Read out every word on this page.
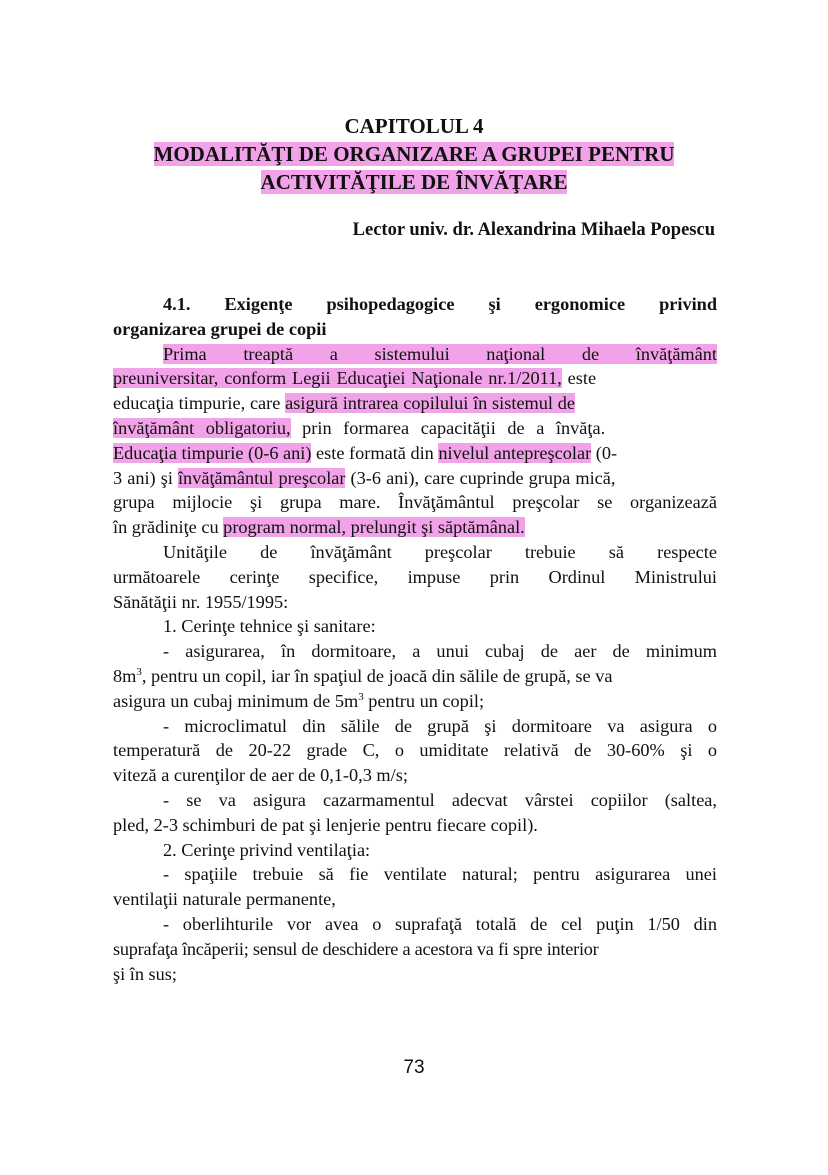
CAPITOLUL 4
MODALITĂŢI DE ORGANIZARE A GRUPEI PENTRU
ACTIVITĂŢILE DE ÎNVĂŢARE
Lector univ. dr. Alexandrina Mihaela Popescu
4.1. Exigenţe psihopedagogice şi ergonomice privind
organizarea grupei de copii
Prima treaptă a sistemului naţional de învăţământ
preuniversitar, conform Legii Educaţiei Naţionale nr.1/2011, este
educaţia timpurie, care asigură intrarea copilului în sistemul de
învăţământ obligatoriu, prin formarea capacităţii de a învăţa.
Educaţia timpurie (0-6 ani) este formată din nivelul antepreşcolar (0-
3 ani) şi învăţământul preşcolar (3-6 ani), care cuprinde grupa mică,
grupa mijlocie şi grupa mare. Învăţământul preşcolar se organizează
în grădiniţe cu program normal, prelungit şi săptămânal.
Unităţile de învăţământ preşcolar trebuie să respecte
următoarele cerinţe specifice, impuse prin Ordinul Ministrului
Sănătăţii nr. 1955/1995:
1. Cerinţe tehnice şi sanitare:
- asigurarea, în dormitoare, a unui cubaj de aer de minimum
$8m^3$, pentru un copil, iar în spaţiul de joacă din sălile de grupă, se va
asigura un cubaj minimum de $5m^3$ pentru un copil;
- microclimatul din sălile de grupă şi dormitoare va asigura o
temperatură de 20-22 grade C, o umiditate relativă de 30-60% şi o
viteză a curenţilor de aer de 0,1-0,3 m/s;
- se va asigura cazarmamentul adecvat vârstei copiilor (saltea,
pled, 2-3 schimburi de pat şi lenjerie pentru fiecare copil).
2. Cerinţe privind ventilaţia:
- spaţiile trebuie să fie ventilate natural; pentru asigurarea unei
ventilaţii naturale permanente,
- oberlihturile vor avea o suprafaţă totală de cel puţin 1/50 din
suprafaţa încăperii; sensul de deschidere a acestora va fi spre interior
şi în sus;
73
